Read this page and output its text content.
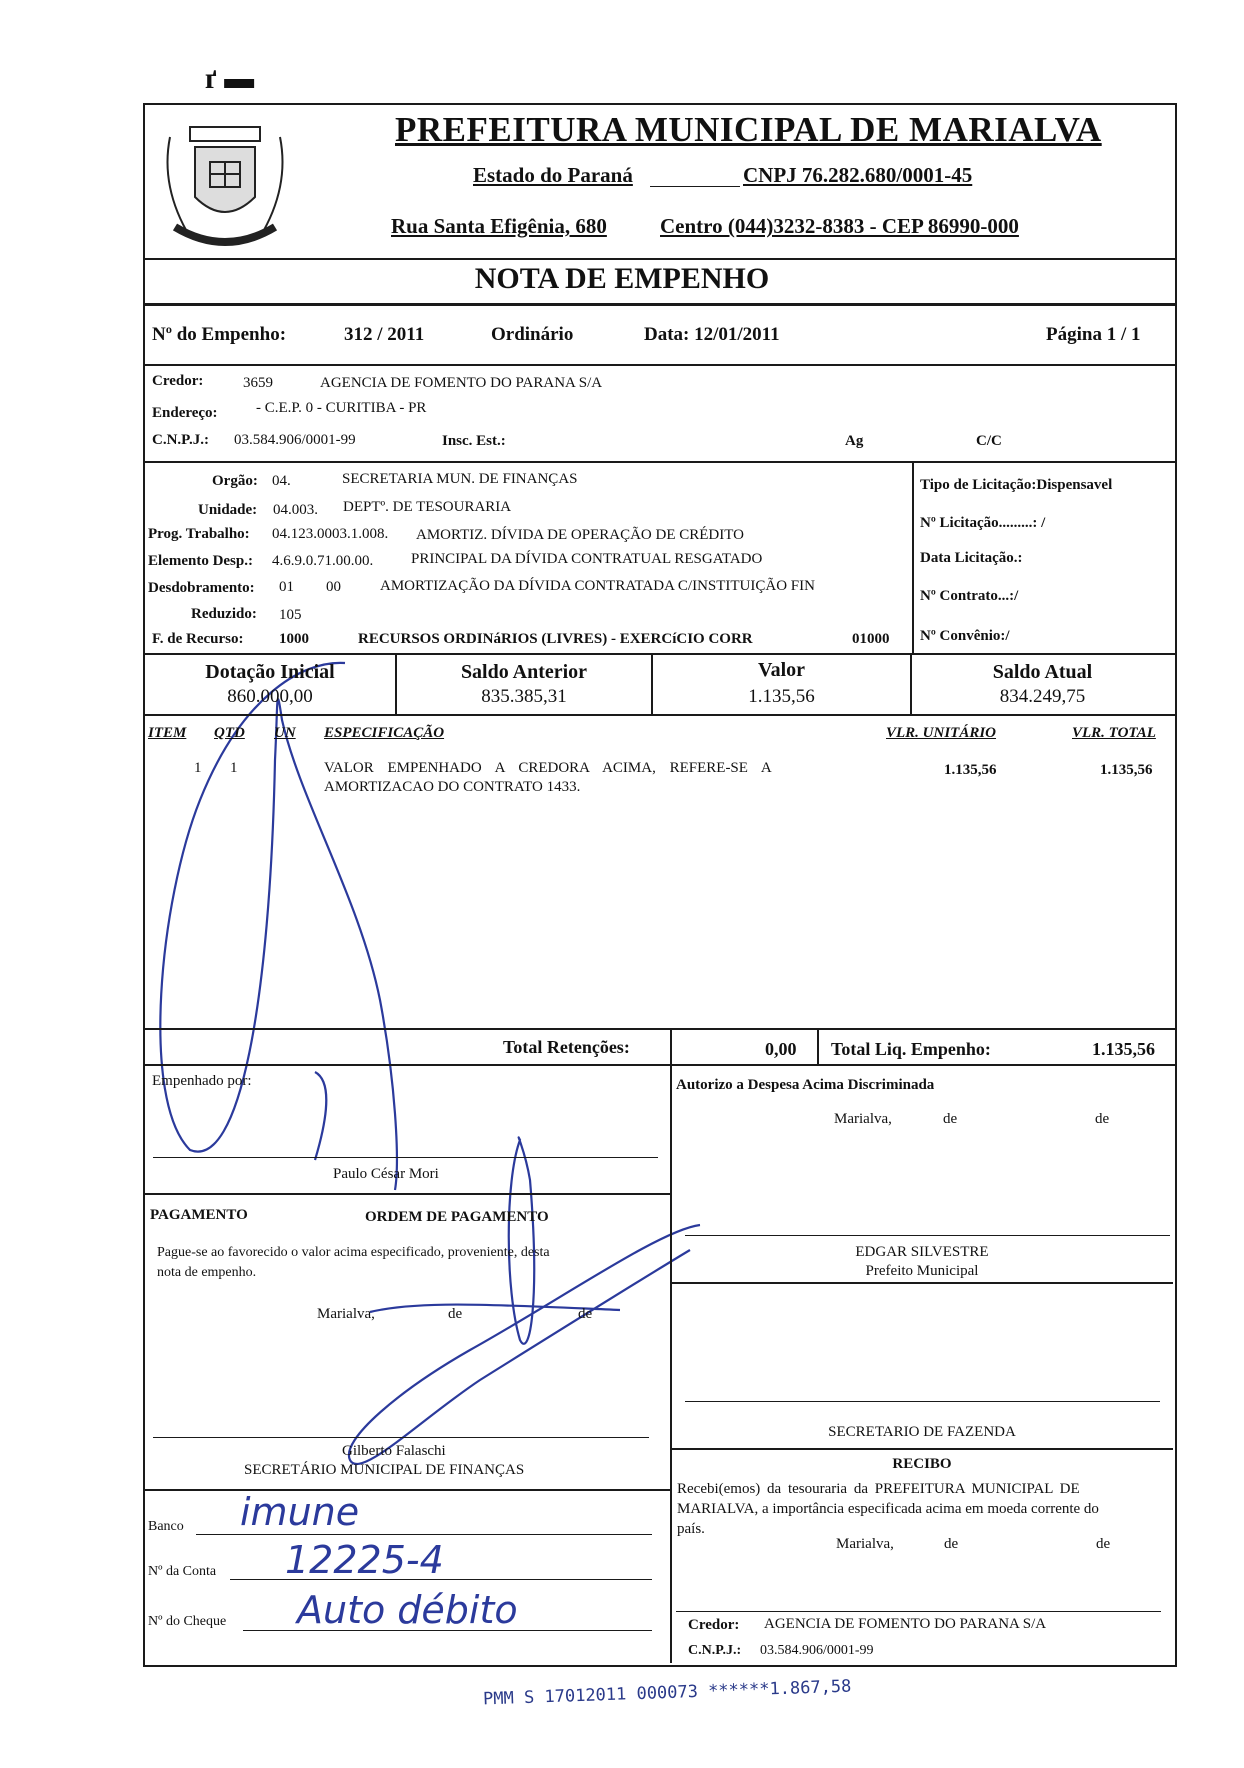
ґ ▬
PREFEITURA MUNICIPAL DE MARIALVA
Estado do Paraná	CNPJ 76.282.680/0001-45
Rua Santa Efigênia, 680	Centro (044)3232-8383 - CEP 86990-000
NOTA DE EMPENHO
Nº do Empenho:	312 / 2011	Ordinário	Data: 12/01/2011	Página 1 / 1
Credor:	3659	AGENCIA DE FOMENTO DO PARANA S/A
Endereço:	- C.E.P. 0 - CURITIBA - PR
C.N.P.J.: 03.584.906/0001-99	Insc. Est.:	Ag	C/C
Orgão: 04.	SECRETARIA MUN. DE FINANÇAS
Unidade: 04.003. DEPTº. DE TESOURARIA
Prog. Trabalho: 04.123.0003.1.008. AMORTIZ. DÍVIDA DE OPERAÇÃO DE CRÉDITO
Elemento Desp.: 4.6.9.0.71.00.00.	PRINCIPAL DA DÍVIDA CONTRATUAL RESGATADO
Desdobramento: 01 00	AMORTIZAÇÃO DA DÍVIDA CONTRATADA C/INSTITUIÇÃO FIN
Reduzido: 105
F. de Recurso: 1000	RECURSOS ORDINáRIOS (LIVRES) - EXERCíCIO CORR	01000
Tipo de Licitação:Dispensavel
Nº Licitação.........: /
Data Licitação.:
Nº Contrato...:/
Nº Convênio:/
Dotação Inicial
860.000,00
Saldo Anterior
835.385,31
Valor
1.135,56
Saldo Atual
834.249,75
ITEM QTD UN ESPECIFICAÇÃO	VLR. UNITÁRIO	VLR. TOTAL
1 1	VALOR EMPENHADO A CREDORA ACIMA, REFERE-SE A
AMORTIZACAO DO CONTRATO 1433.
1.135,56	1.135,56
Total Retenções:	0,00 Total Liq. Empenho:	1.135,56
Empenhado por:
Paulo César Mori
PAGAMENTO	ORDEM DE PAGAMENTO
Pague-se ao favorecido o valor acima especificado, proveniente, desta
nota de empenho.
Marialva,	de	de
Gilberto Falaschi
SECRETÁRIO MUNICIPAL DE FINANÇAS
Banco imune
Nº da Conta 12225-4
Nº do Cheque Auto débito
Autorizo a Despesa Acima Discriminada
Marialva,	de	de
EDGAR SILVESTRE
Prefeito Municipal
SECRETARIO DE FAZENDA
RECIBO
Recebi(emos) da tesouraria da PREFEITURA MUNICIPAL DE
MARIALVA, a importância especificada acima em moeda corrente do
país.
Marialva,	de	de
Credor: AGENCIA DE FOMENTO DO PARANA S/A
C.N.P.J.: 03.584.906/0001-99
PMM S 17012011 000073 ******1.867,58
